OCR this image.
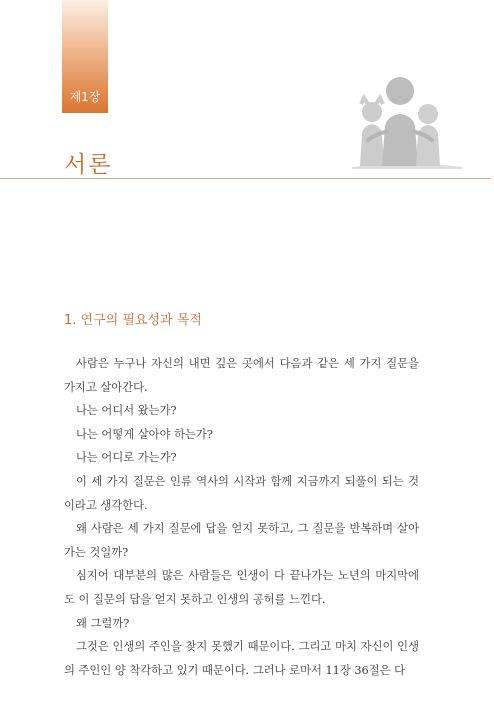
제1장
서론
1. 연구의 필요성과 목적

사람은 누구나 자신의 내면 깊은 곳에서 다음과 같은 세 가지 질문을 가지고 살아간다.

나는 어디서 왔는가?

나는 어떻게 살아야 하는가?

나는 어디로 가는가?

이 세 가지 질문은 인류 역사의 시작과 함께 지금까지 되풀이 되는 것이라고 생각한다.

왜 사람은 세 가지 질문에 답을 얻지 못하고, 그 질문을 반복하며 살아가는 것일까?

심지어 대부분의 많은 사람들은 인생이 다 끝나가는 노년의 마지막에도 이 질문의 답을 얻지 못하고 인생의 공허를 느낀다.

왜 그럴까?

그것은 인생의 주인을 찾지 못했기 때문이다. 그리고 마치 자신이 인생의 주인인 양 착각하고 있기 때문이다. 그러나 로마서 11장 36절은 다
